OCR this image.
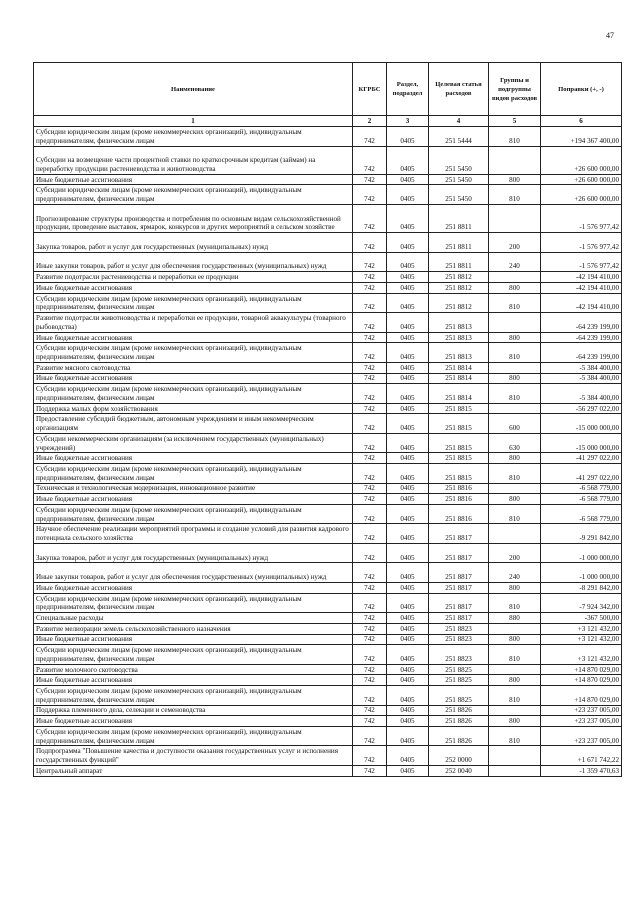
47
Наименование	КГРБС	Раздел, подраздел	Целевая статья расходов	Группы и подгруппы видов расходов	Поправки (+, -)
1	2	3	4	5	6
Субсидии юридическим лицам (кроме некоммерческих организаций), индивидуальным предпринимателям, физическим лицам	742	0405	251 5444	810	+194 367 400,00
Субсидии на возмещение части процентной ставки по краткосрочным кредитам (займам) на переработку продукции растениеводства и животноводства	742	0405	251 5450		+26 600 000,00
Иные бюджетные ассигнования	742	0405	251 5450	800	+26 600 000,00
Субсидии юридическим лицам (кроме некоммерческих организаций), индивидуальным предпринимателям, физическим лицам	742	0405	251 5450	810	+26 600 000,00
Прогнозирование структуры производства и потребления по основным видам сельскохозяйственной продукции, проведение выставок, ярмарок, конкурсов и других мероприятий в сельском хозяйстве	742	0405	251 8811		-1 576 977,42
Закупка товаров, работ и услуг для государственных (муниципальных) нужд	742	0405	251 8811	200	-1 576 977,42
Иные закупки товаров, работ и услуг для обеспечения государственных (муниципальных) нужд	742	0405	251 8811	240	-1 576 977,42
Развитие подотрасли растениеводства и переработки ее продукции	742	0405	251 8812		-42 194 410,00
Иные бюджетные ассигнования	742	0405	251 8812	800	-42 194 410,00
Субсидии юридическим лицам (кроме некоммерческих организаций), индивидуальным предпринимателям, физическим лицам	742	0405	251 8812	810	-42 194 410,00
Развитие подотрасли животноводства и переработки ее продукции, товарной аквакультуры (товарного рыбоводства)	742	0405	251 8813		-64 239 199,00
Иные бюджетные ассигнования	742	0405	251 8813	800	-64 239 199,00
Субсидии юридическим лицам (кроме некоммерческих организаций), индивидуальным предпринимателям, физическим лицам	742	0405	251 8813	810	-64 239 199,00
Развитие мясного скотоводства	742	0405	251 8814		-5 384 400,00
Иные бюджетные ассигнования	742	0405	251 8814	800	-5 384 400,00
Субсидии юридическим лицам (кроме некоммерческих организаций), индивидуальным предпринимателям, физическим лицам	742	0405	251 8814	810	-5 384 400,00
Поддержка малых форм хозяйствования	742	0405	251 8815		-56 297 022,00
Предоставление субсидий бюджетным, автономным учреждениям и иным некоммерческим организациям	742	0405	251 8815	600	-15 000 000,00
Субсидии некоммерческим организациям (за исключением государственных (муниципальных) учреждений)	742	0405	251 8815	630	-15 000 000,00
Иные бюджетные ассигнования	742	0405	251 8815	800	-41 297 022,00
Субсидии юридическим лицам (кроме некоммерческих организаций), индивидуальным предпринимателям, физическим лицам	742	0405	251 8815	810	-41 297 022,00
Техническая и технологическая модернизация, инновационное развитие	742	0405	251 8816		-6 568 779,00
Иные бюджетные ассигнования	742	0405	251 8816	800	-6 568 779,00
Субсидии юридическим лицам (кроме некоммерческих организаций), индивидуальным предпринимателям, физическим лицам	742	0405	251 8816	810	-6 568 779,00
Научное обеспечение реализации мероприятий программы и создание условий для развития кадрового потенциала сельского хозяйства	742	0405	251 8817		-9 291 842,00
Закупка товаров, работ и услуг для государственных (муниципальных) нужд	742	0405	251 8817	200	-1 000 000,00
Иные закупки товаров, работ и услуг для обеспечения государственных (муниципальных) нужд	742	0405	251 8817	240	-1 000 000,00
Иные бюджетные ассигнования	742	0405	251 8817	800	-8 291 842,00
Субсидии юридическим лицам (кроме некоммерческих организаций), индивидуальным предпринимателям, физическим лицам	742	0405	251 8817	810	-7 924 342,00
Специальные расходы	742	0405	251 8817	880	-367 500,00
Развитие мелиорации земель сельскохозяйственного назначения	742	0405	251 8823		+3 121 432,00
Иные бюджетные ассигнования	742	0405	251 8823	800	+3 121 432,00
Субсидии юридическим лицам (кроме некоммерческих организаций), индивидуальным предпринимателям, физическим лицам	742	0405	251 8823	810	+3 121 432,00
Развитие молочного скотоводства	742	0405	251 8825		+14 870 029,00
Иные бюджетные ассигнования	742	0405	251 8825	800	+14 870 029,00
Субсидии юридическим лицам (кроме некоммерческих организаций), индивидуальным предпринимателям, физическим лицам	742	0405	251 8825	810	+14 870 029,00
Поддержка племенного дела, селекции и семеноводства	742	0405	251 8826		+23 237 005,00
Иные бюджетные ассигнования	742	0405	251 8826	800	+23 237 005,00
Субсидии юридическим лицам (кроме некоммерческих организаций), индивидуальным предпринимателям, физическим лицам	742	0405	251 8826	810	+23 237 005,00
Подпрограмма "Повышение качества и доступности оказания государственных услуг и исполнения государственных функций"	742	0405	252 0000		+1 671 742,22
Центральный аппарат	742	0405	252 0040		-1 359 470,63
